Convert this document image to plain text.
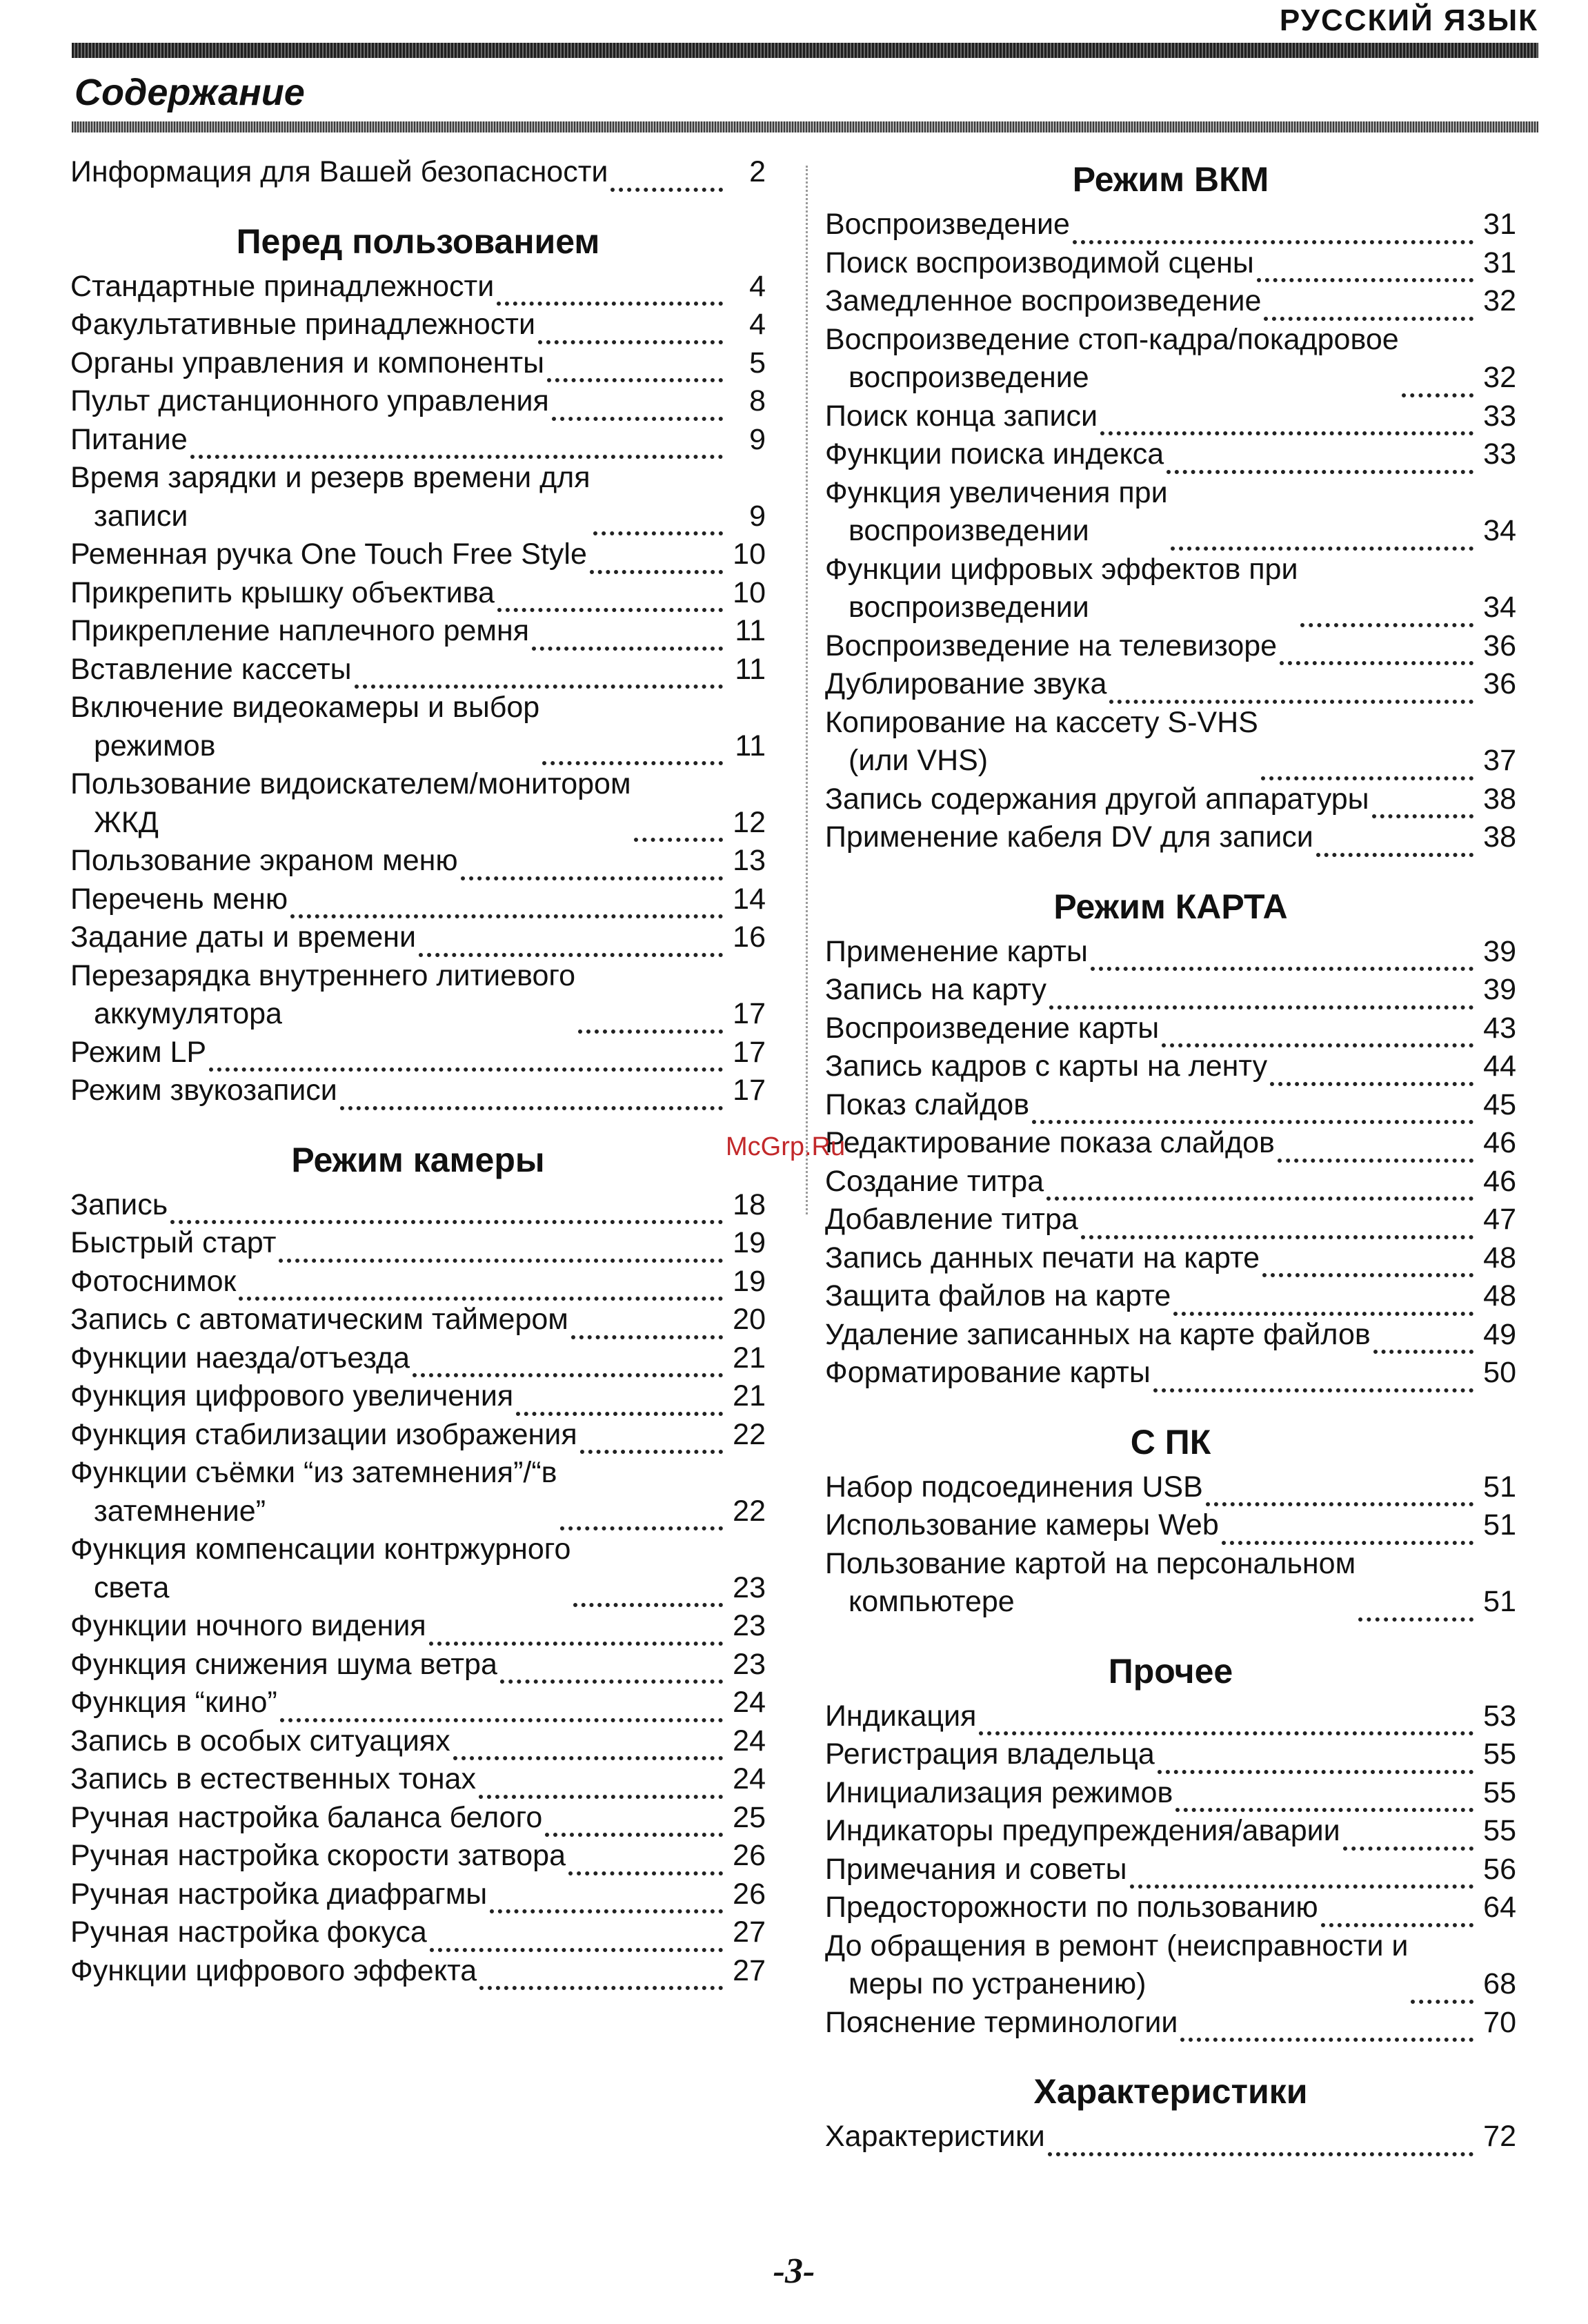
РУССКИЙ ЯЗЫК
Содержание
Информация для Вашей безопасности	2
Перед пользованием
Стандартные принадлежности	4
Факультативные принадлежности	4
Органы управления и компоненты	5
Пульт дистанционного управления	8
Питание	9
Время зарядки и резерв времени для
записи	9
Ременная ручка One Touch Free Style	10
Прикрепить крышку объектива	10
Прикрепление наплечного ремня	11
Вставление кассеты	11
Включение видеокамеры и выбор
режимов	11
Пользование видоискателем/монитором
ЖКД	12
Пользование экраном меню	13
Перечень меню	14
Задание даты и времени	16
Перезарядка внутреннего литиевого
аккумулятора	17
Режим LP	17
Режим звукозаписи	17
Режим камеры
Запись	18
Быстрый старт	19
Фотоснимок	19
Запись с автоматическим таймером	20
Функции наезда/отъезда	21
Функция цифрового увеличения	21
Функция стабилизации изображения	22
Функции съёмки “из затемнения”/“в
затемнение”	22
Функция компенсации контржурного
света	23
Функции ночного видения	23
Функция снижения шума ветра	23
Функция “кино”	24
Запись в особых ситуациях	24
Запись в естественных тонах	24
Ручная настройка баланса белого	25
Ручная настройка скорости затвора	26
Ручная настройка диафрагмы	26
Ручная настройка фокуса	27
Функции цифрового эффекта	27
Режим ВКМ
Воспроизведение	31
Поиск воспроизводимой сцены	31
Замедленное воспроизведение	32
Воспроизведение стоп-кадра/покадровое
воспроизведение	32
Поиск конца записи	33
Функции поиска индекса	33
Функция увеличения при
воспроизведении	34
Функции цифровых эффектов при
воспроизведении	34
Воспроизведение на телевизоре	36
Дублирование звука	36
Копирование на кассету S-VHS
(или VHS)	37
Запись содержания другой аппаратуры	38
Применение кабеля DV для записи	38
Режим КАРТА
Применение карты	39
Запись на карту	39
Воспроизведение карты	43
Запись кадров с карты на ленту	44
Показ слайдов	45
Редактирование показа слайдов	46
Создание титра	46
Добавление титра	47
Запись данных печати на карте	48
Защита файлов на карте	48
Удаление записанных на карте файлов	49
Форматирование карты	50
С ПК
Набор подсоединения USB	51
Использование камеры Web	51
Пользование картой на персональном
компьютере	51
Прочее
Индикация	53
Регистрация владельца	55
Инициализация режимов	55
Индикаторы предупреждения/аварии	55
Примечания и советы	56
Предосторожности по пользованию	64
До обращения в ремонт (неисправности и
меры по устранению)	68
Пояснение терминологии	70
Характеристики
Характеристики	72
McGrp.Ru
-3-
